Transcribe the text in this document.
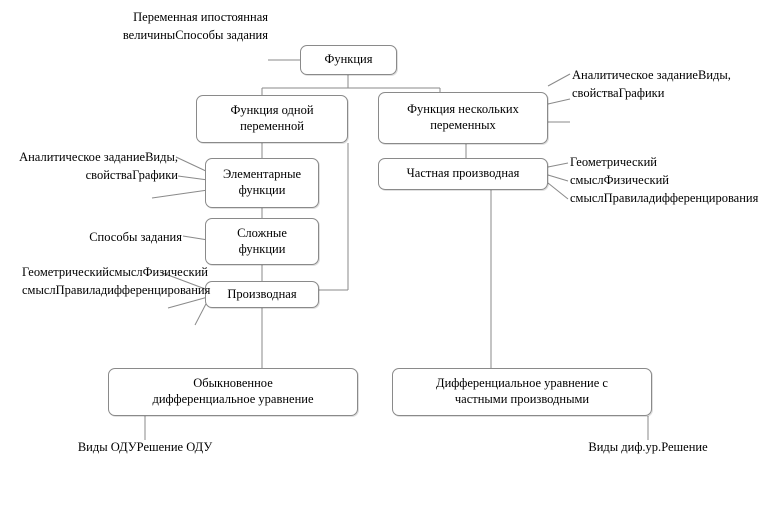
Функция
Функция одной
переменной
Функция нескольких
переменных
Элементарные
функции
Сложные
функции
Производная
Частная производная
Обыкновенное
дифференциальное уравнение
Дифференциальное уравнение с
частными производными
Переменная ипостоянная величиныСпособы задания
Аналитическое заданиеВиды, свойстваГрафики
Аналитическое заданиеВиды, свойстваГрафики
Способы задания
ГеометрическийсмыслФизический смыслПравиладифференцирования
Геометрический смыслФизический смыслПравиладифференцирования
Виды ОДУРешение ОДУ	Виды диф.ур.Решение
